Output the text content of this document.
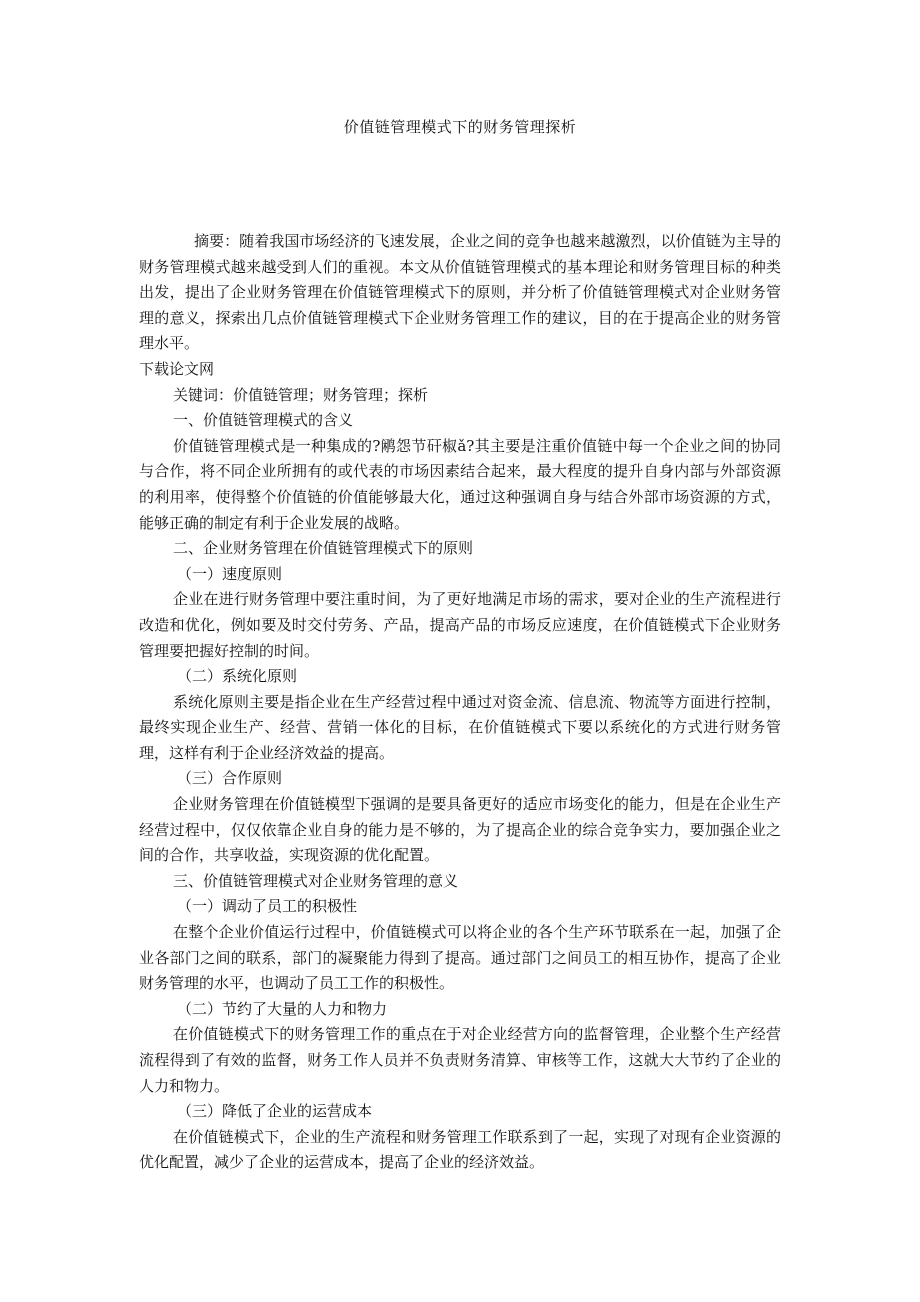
价值链管理模式下的财务管理探析

摘要：随着我国市场经济的飞速发展，企业之间的竞争也越来越激烈，以价值链为主导的财务管理模式越来越受到人们的重视。本文从价值链管理模式的基本理论和财务管理目标的种类出发，提出了企业财务管理在价值链管理模式下的原则，并分析了价值链管理模式对企业财务管理的意义，探索出几点价值链管理模式下企业财务管理工作的建议，目的在于提高企业的财务管理水平。

下载论文网

关键词：价值链管理；财务管理；探析

一、价值链管理模式的含义

价值链管理模式是一种集成的?鹇怨节矸椒ǎ?其主要是注重价值链中每一个企业之间的协同与合作，将不同企业所拥有的或代表的市场因素结合起来，最大程度的提升自身内部与外部资源的利用率，使得整个价值链的价值能够最大化，通过这种强调自身与结合外部市场资源的方式，能够正确的制定有利于企业发展的战略。

二、企业财务管理在价值链管理模式下的原则

（一）速度原则

企业在进行财务管理中要注重时间，为了更好地满足市场的需求，要对企业的生产流程进行改造和优化，例如要及时交付劳务、产品，提高产品的市场反应速度，在价值链模式下企业财务管理要把握好控制的时间。

（二）系统化原则

系统化原则主要是指企业在生产经营过程中通过对资金流、信息流、物流等方面进行控制，最终实现企业生产、经营、营销一体化的目标，在价值链模式下要以系统化的方式进行财务管理，这样有利于企业经济效益的提高。

（三）合作原则

企业财务管理在价值链模型下强调的是要具备更好的适应市场变化的能力，但是在企业生产经营过程中，仅仅依靠企业自身的能力是不够的，为了提高企业的综合竞争实力，要加强企业之间的合作，共享收益，实现资源的优化配置。

三、价值链管理模式对企业财务管理的意义

（一）调动了员工的积极性

在整个企业价值运行过程中，价值链模式可以将企业的各个生产环节联系在一起，加强了企业各部门之间的联系，部门的凝聚能力得到了提高。通过部门之间员工的相互协作，提高了企业财务管理的水平，也调动了员工工作的积极性。

（二）节约了大量的人力和物力

在价值链模式下的财务管理工作的重点在于对企业经营方向的监督管理，企业整个生产经营流程得到了有效的监督，财务工作人员并不负责财务清算、审核等工作，这就大大节约了企业的人力和物力。

（三）降低了企业的运营成本

在价值链模式下，企业的生产流程和财务管理工作联系到了一起，实现了对现有企业资源的优化配置，减少了企业的运营成本，提高了企业的经济效益。
